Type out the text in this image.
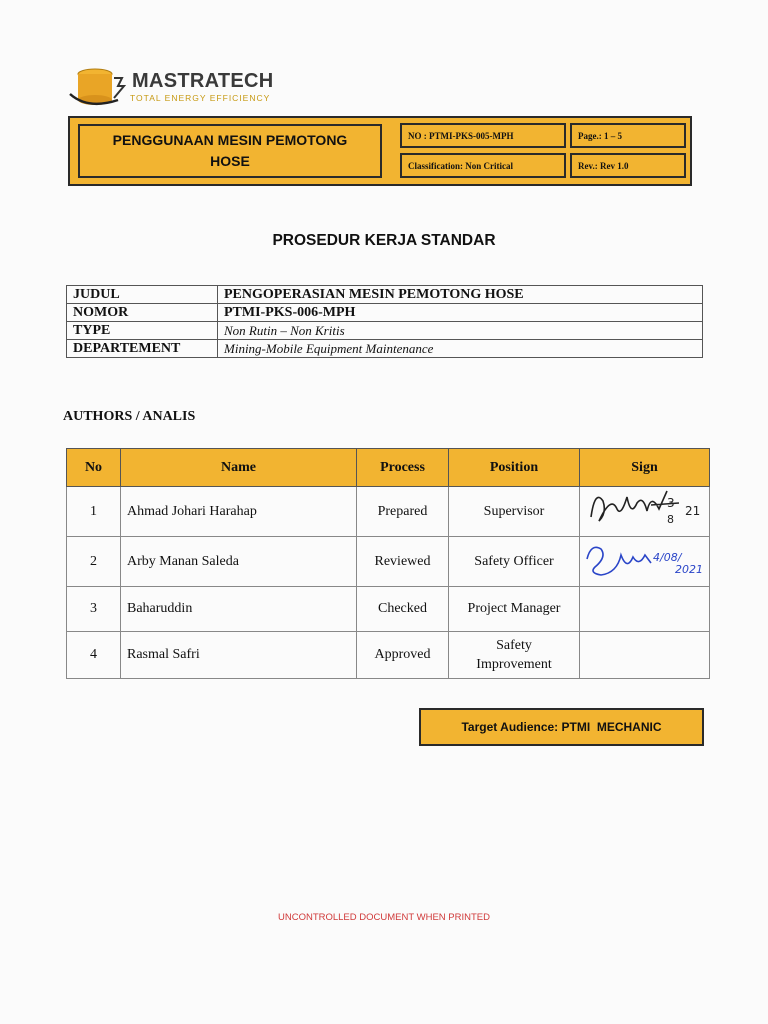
MASTRATECH
TOTAL ENERGY EFFICIENCY
PENGGUNAAN MESIN PEMOTONG
HOSE
NO : PTMI-PKS-005-MPH	Page.: 1 – 5
Classification: Non Critical	Rev.: Rev 1.0
PROSEDUR KERJA STANDAR
JUDUL	PENGOPERASIAN MESIN PEMOTONG HOSE
NOMOR	PTMI-PKS-006-MPH
TYPE	Non Rutin – Non Kritis
DEPARTEMENT	Mining-Mobile Equipment Maintenance
AUTHORS / ANALIS
No	Name	Process	Position	Sign
1	Ahmad Johari Harahap	Prepared	Supervisor	3
8
21

2	Arby Manan Saleda	Reviewed	Safety Officer	4/08/
2021

3	Baharuddin	Checked	Project Manager	
4	Rasmal Safri	Approved	Safety
Improvement	
Target Audience : PTMI  MECHANIC
UNCONTROLLED DOCUMENT WHEN PRINTED
